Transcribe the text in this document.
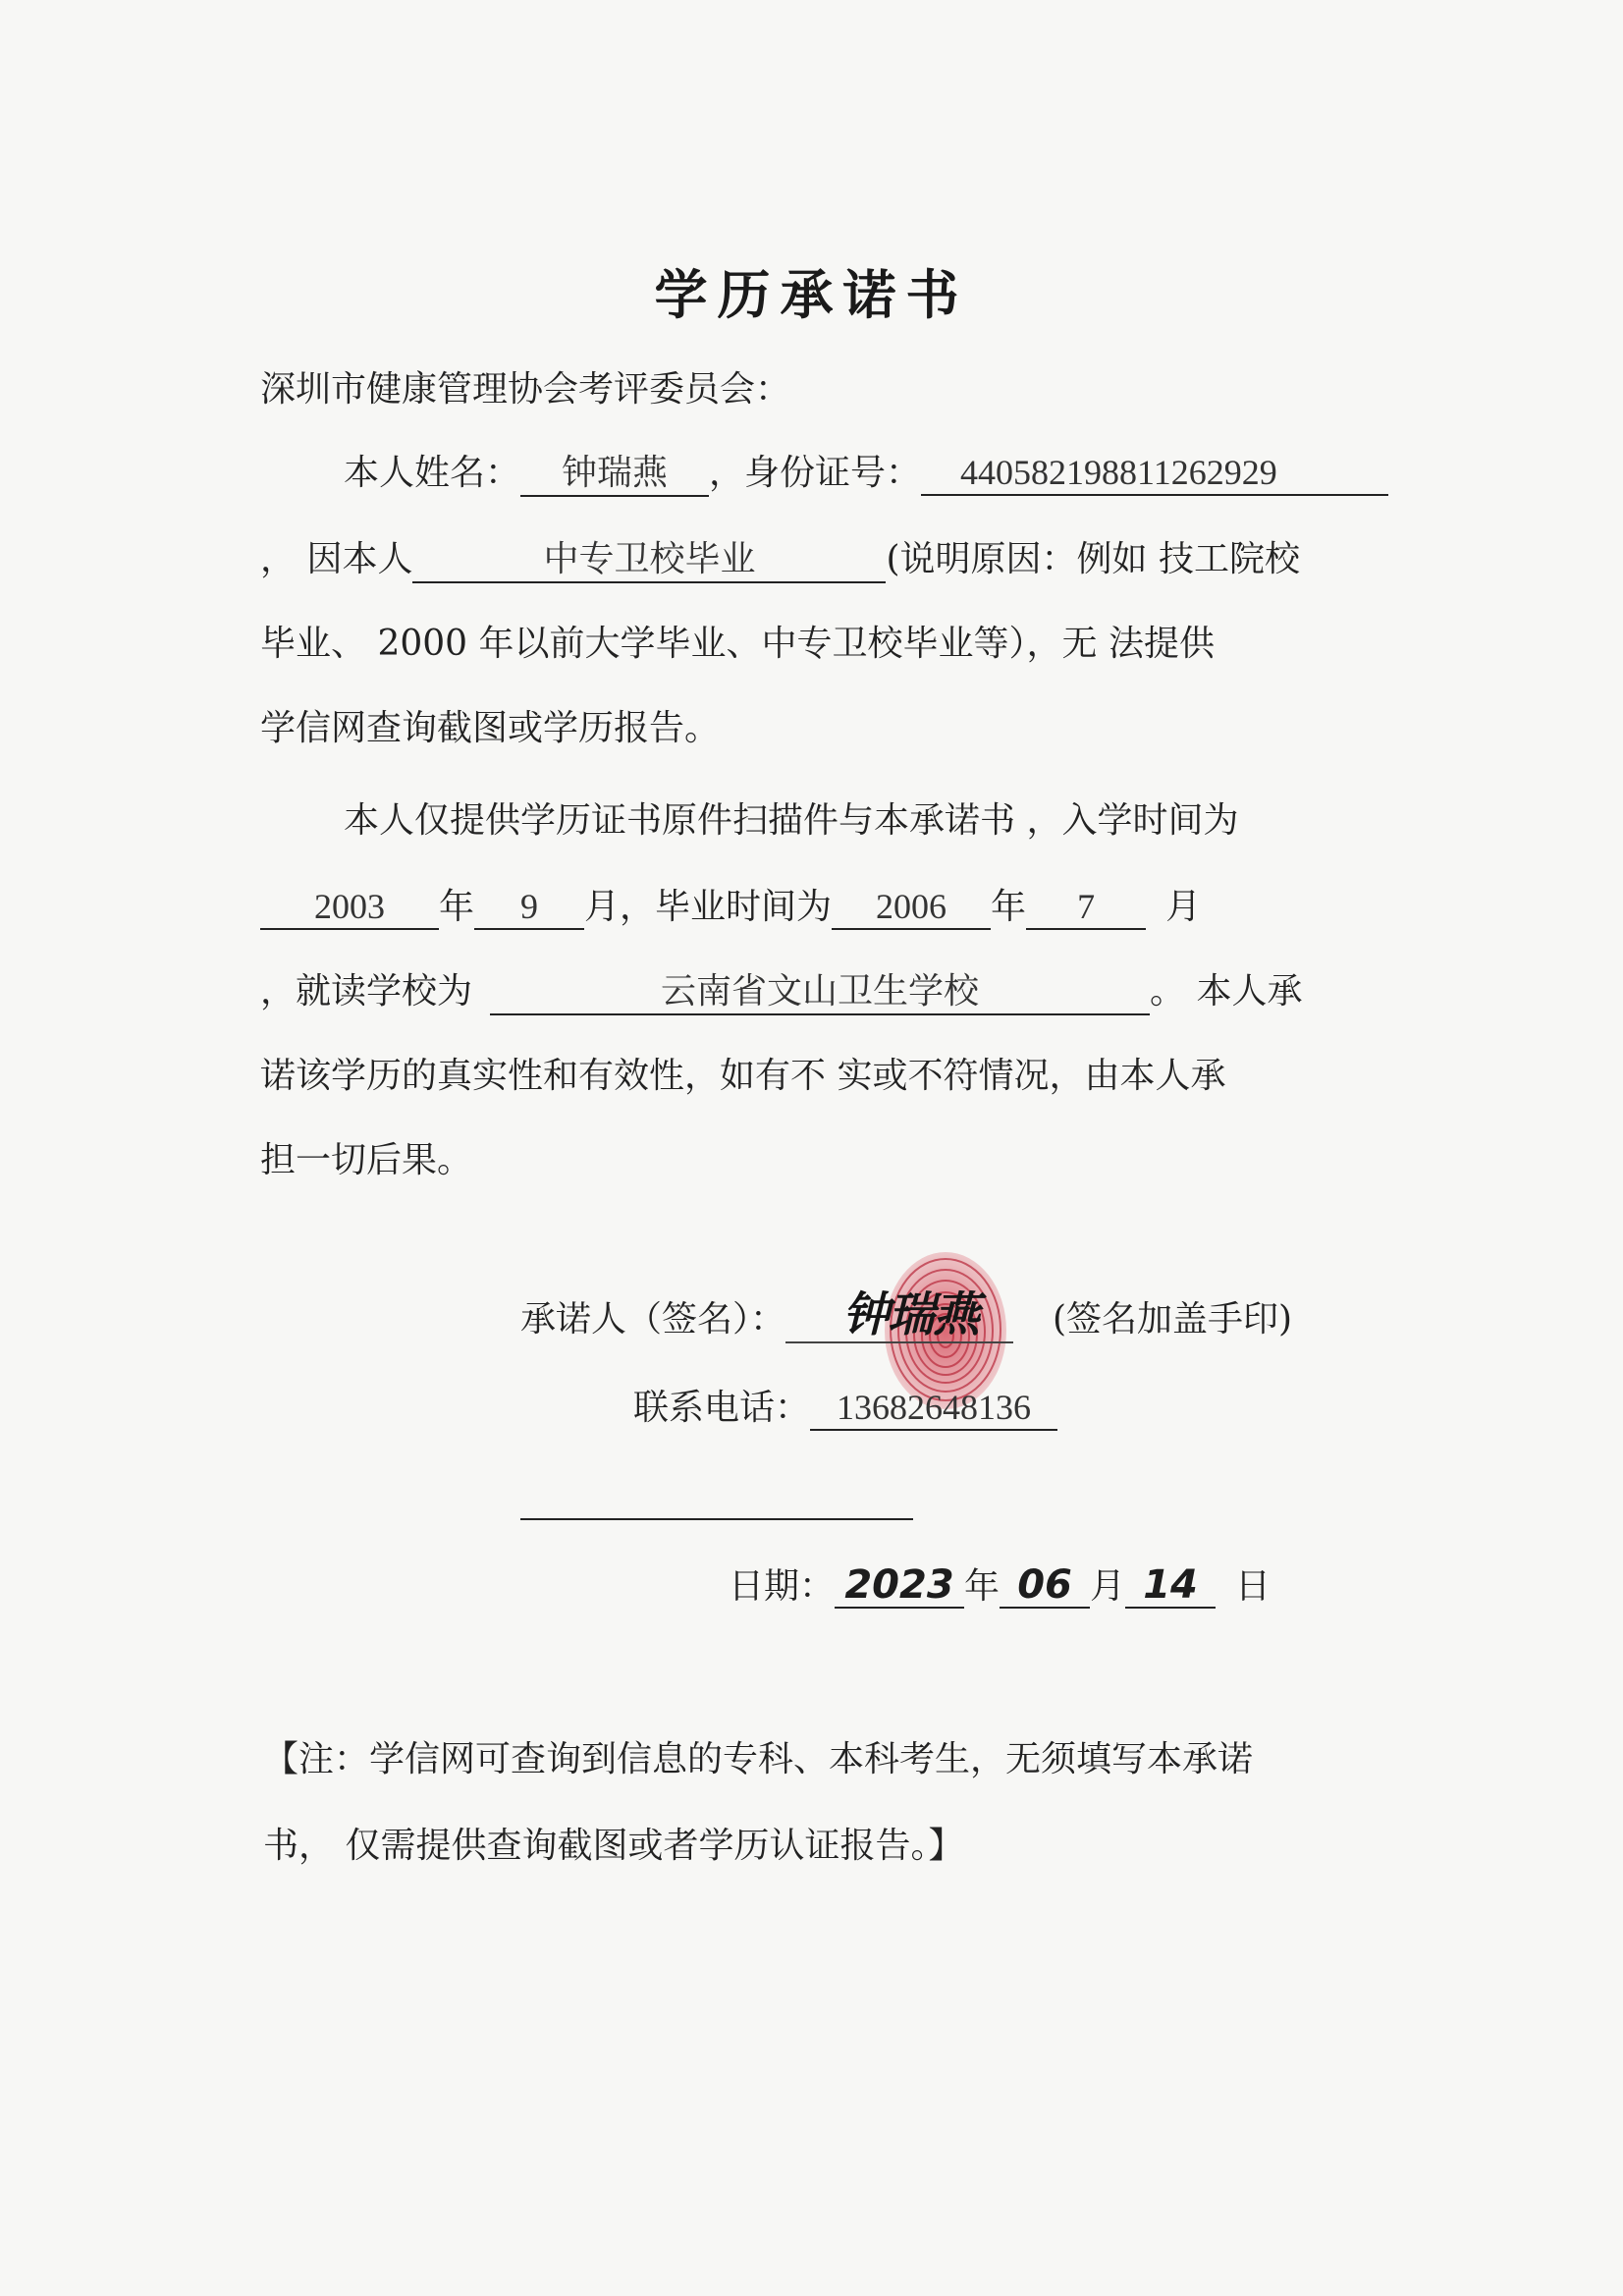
学历承诺书
深圳市健康管理协会考评委员会：
本人姓名： 钟瑞燕 ，身份证号： 440582198811262929
， 因本人	中专卫校毕业	(说明原因：例如 技工院校
毕业、 2000 年以前大学毕业、中专卫校毕业等），无 法提供
学信网查询截图或学历报告。
本人仅提供学历证书原件扫描件与本承诺书 ，入学时间为
2003 年 9 月，毕业时间为 2006 年 7 月
，就读学校为	云南省文山卫生学校	。 本人承
诺该学历的真实性和有效性，如有不 实或不符情况，由本人承
担一切后果。
承诺人（签名）：	(签名加盖手印)
钟瑞燕
联系电话： 13682648136
日期： 2023 年 06 月 14 日
【注：学信网可查询到信息的专科、本科考生，无须填写本承诺
书， 仅需提供查询截图或者学历认证报告。】
